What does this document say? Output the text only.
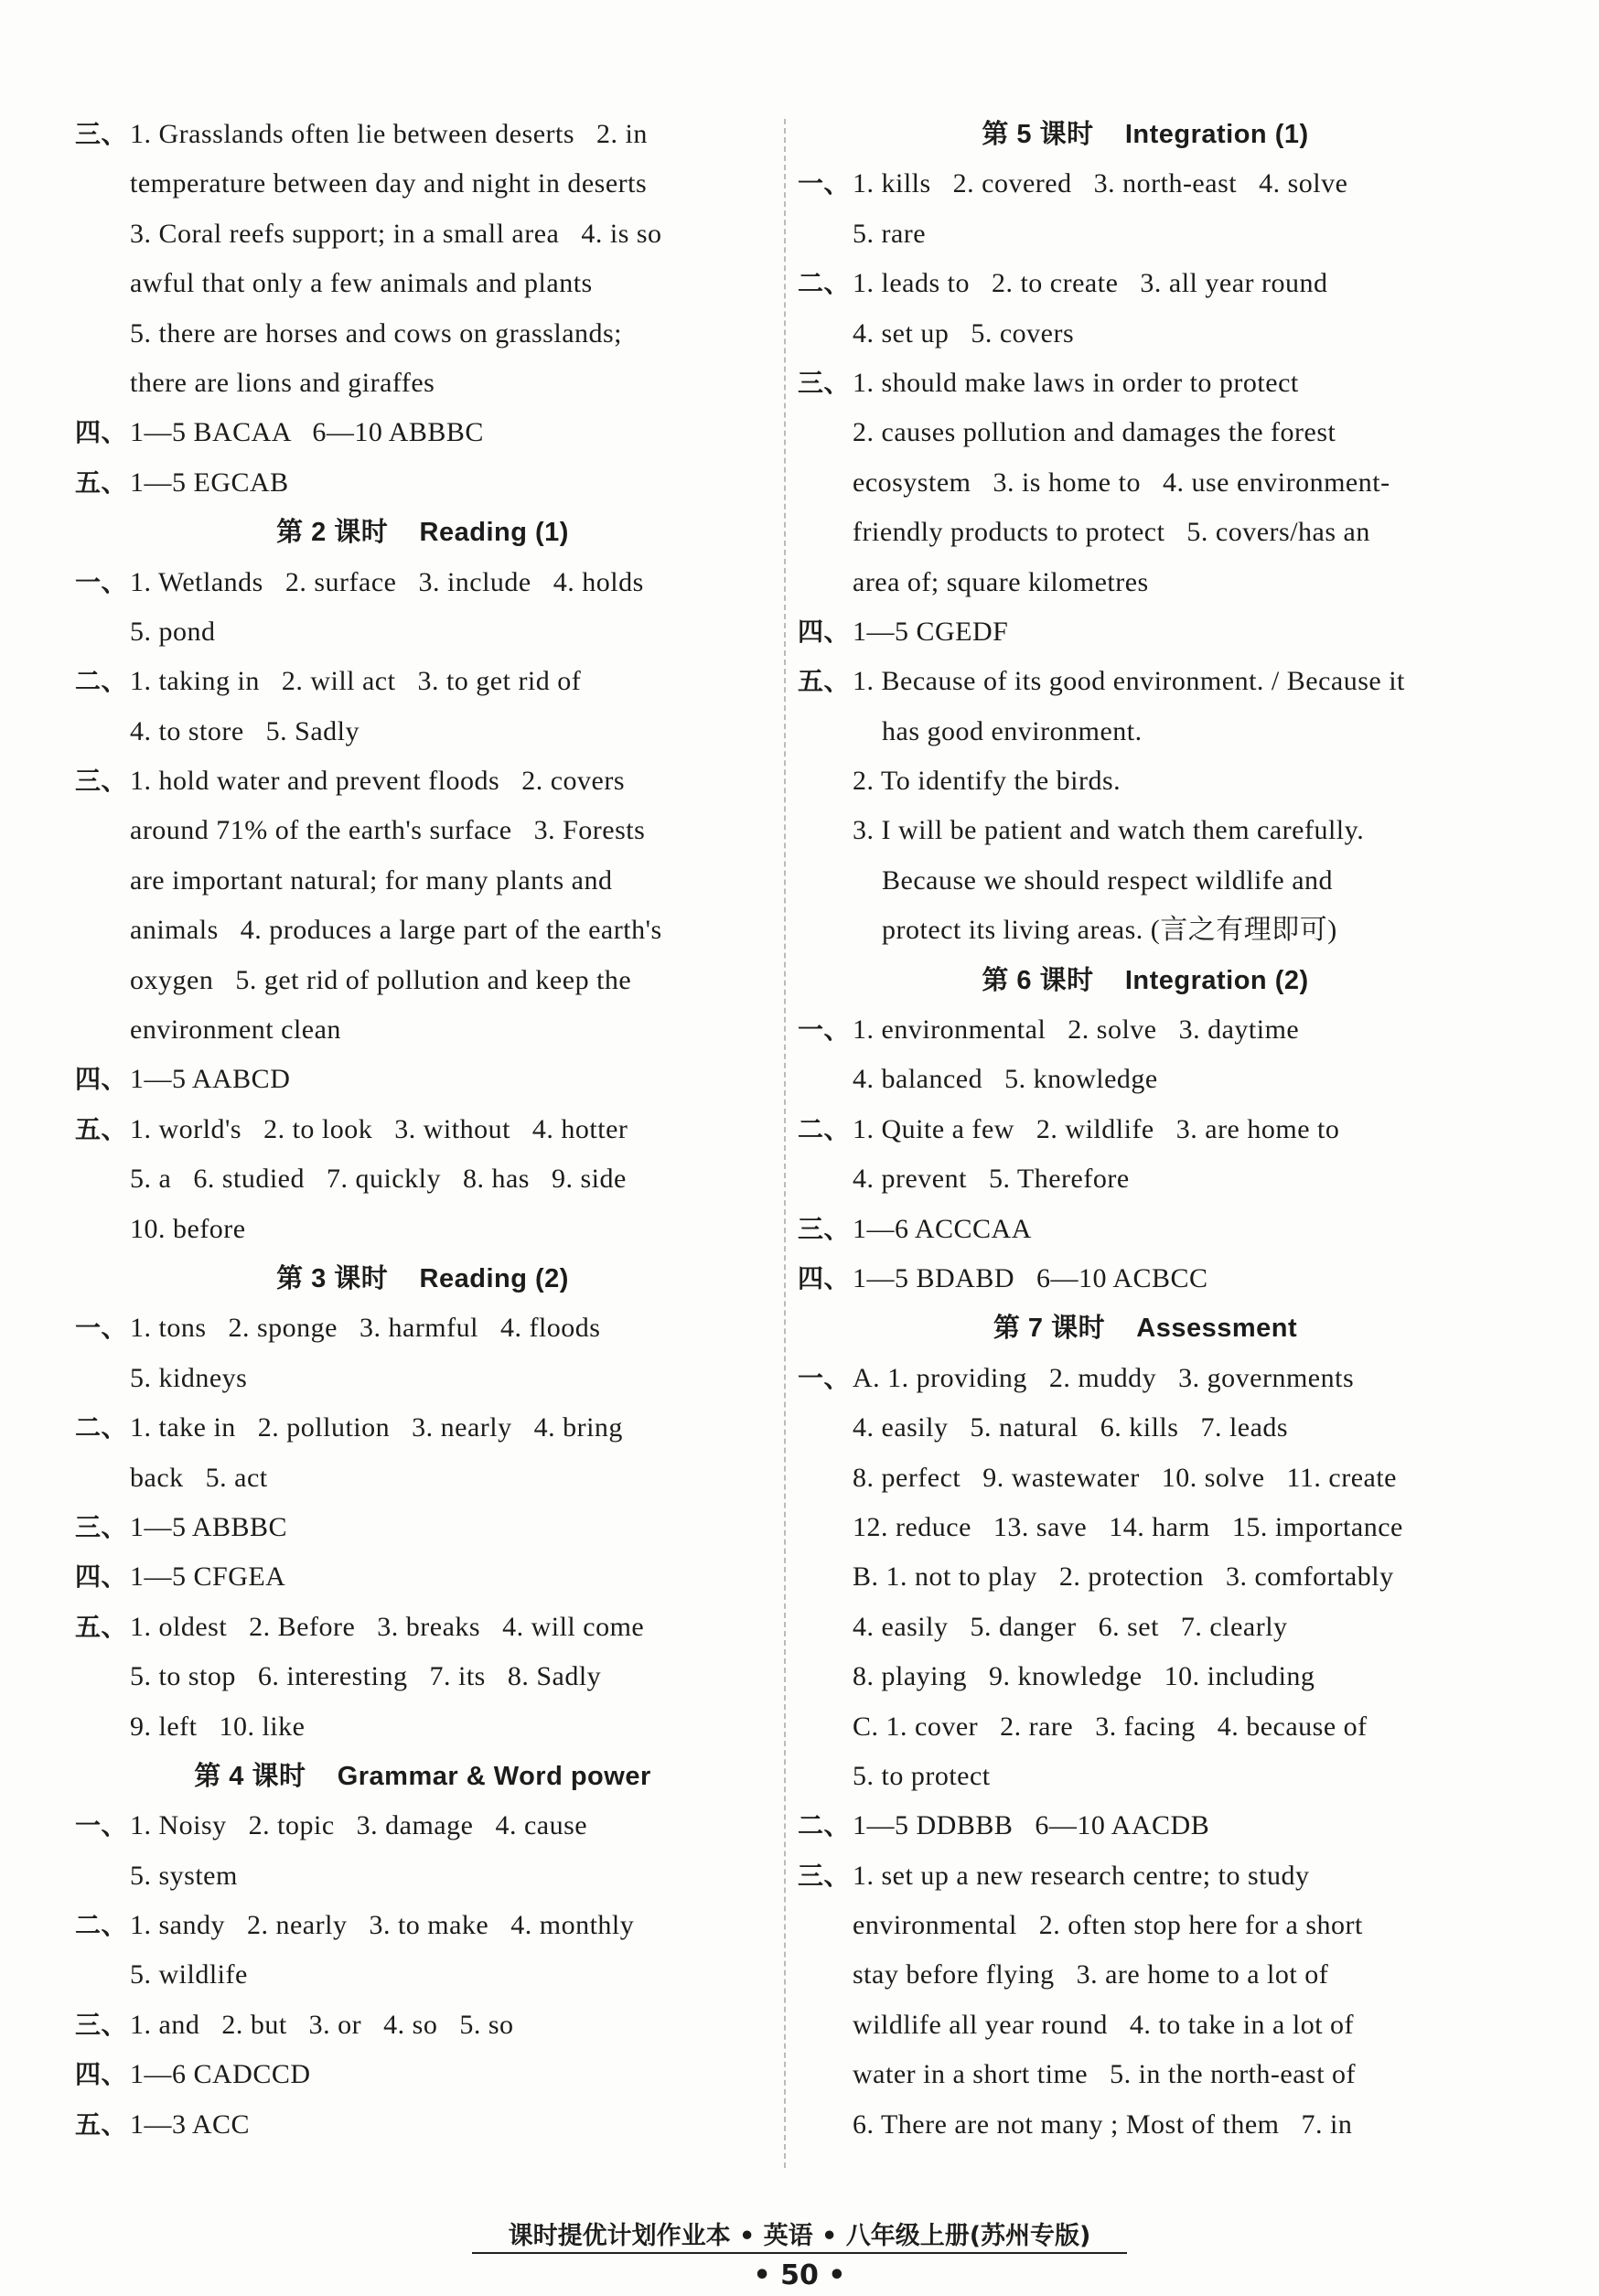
三、1. Grasslands often lie between deserts   2. in
temperature between day and night in deserts
3. Coral reefs support; in a small area   4. is so
awful that only a few animals and plants
5. there are horses and cows on grasslands;
there are lions and giraffes
四、1—5 BACAA   6—10 ABBBC
五、1—5 EGCAB
第 2 课时    Reading (1)
一、1. Wetlands   2. surface   3. include   4. holds
5. pond
二、1. taking in   2. will act   3. to get rid of
4. to store   5. Sadly
三、1. hold water and prevent floods   2. covers
around 71% of the earth's surface   3. Forests
are important natural; for many plants and
animals   4. produces a large part of the earth's
oxygen   5. get rid of pollution and keep the
environment clean
四、1—5 AABCD
五、1. world's   2. to look   3. without   4. hotter
5. a   6. studied   7. quickly   8. has   9. side
10. before
第 3 课时    Reading (2)
一、1. tons   2. sponge   3. harmful   4. floods
5. kidneys
二、1. take in   2. pollution   3. nearly   4. bring
back   5. act
三、1—5 ABBBC
四、1—5 CFGEA
五、1. oldest   2. Before   3. breaks   4. will come
5. to stop   6. interesting   7. its   8. Sadly
9. left   10. like
第 4 课时    Grammar & Word power
一、1. Noisy   2. topic   3. damage   4. cause
5. system
二、1. sandy   2. nearly   3. to make   4. monthly
5. wildlife
三、1. and   2. but   3. or   4. so   5. so
四、1—6 CADCCD
五、1—3 ACC
第 5 课时    Integration (1)
一、1. kills   2. covered   3. north-east   4. solve
5. rare
二、1. leads to   2. to create   3. all year round
4. set up   5. covers
三、1. should make laws in order to protect
2. causes pollution and damages the forest
ecosystem   3. is home to   4. use environment-
friendly products to protect   5. covers/has an
area of; square kilometres
四、1—5 CGEDF
五、1. Because of its good environment. / Because it
has good environment.
2. To identify the birds.
3. I will be patient and watch them carefully.
Because we should respect wildlife and
protect its living areas. (言之有理即可)
第 6 课时    Integration (2)
一、1. environmental   2. solve   3. daytime
4. balanced   5. knowledge
二、1. Quite a few   2. wildlife   3. are home to
4. prevent   5. Therefore
三、1—6 ACCCAA
四、1—5 BDABD   6—10 ACBCC
第 7 课时    Assessment
一、A. 1. providing   2. muddy   3. governments
4. easily   5. natural   6. kills   7. leads
8. perfect   9. wastewater   10. solve   11. create
12. reduce   13. save   14. harm   15. importance
B. 1. not to play   2. protection   3. comfortably
4. easily   5. danger   6. set   7. clearly
8. playing   9. knowledge   10. including
C. 1. cover   2. rare   3. facing   4. because of
5. to protect
二、1—5 DDBBB   6—10 AACDB
三、1. set up a new research centre; to study
environmental   2. often stop here for a short
stay before flying   3. are home to a lot of
wildlife all year round   4. to take in a lot of
water in a short time   5. in the north-east of
6. There are not many ; Most of them   7. in
课时提优计划作业本 • 英语 • 八年级上册(苏州专版)
• 50 •
